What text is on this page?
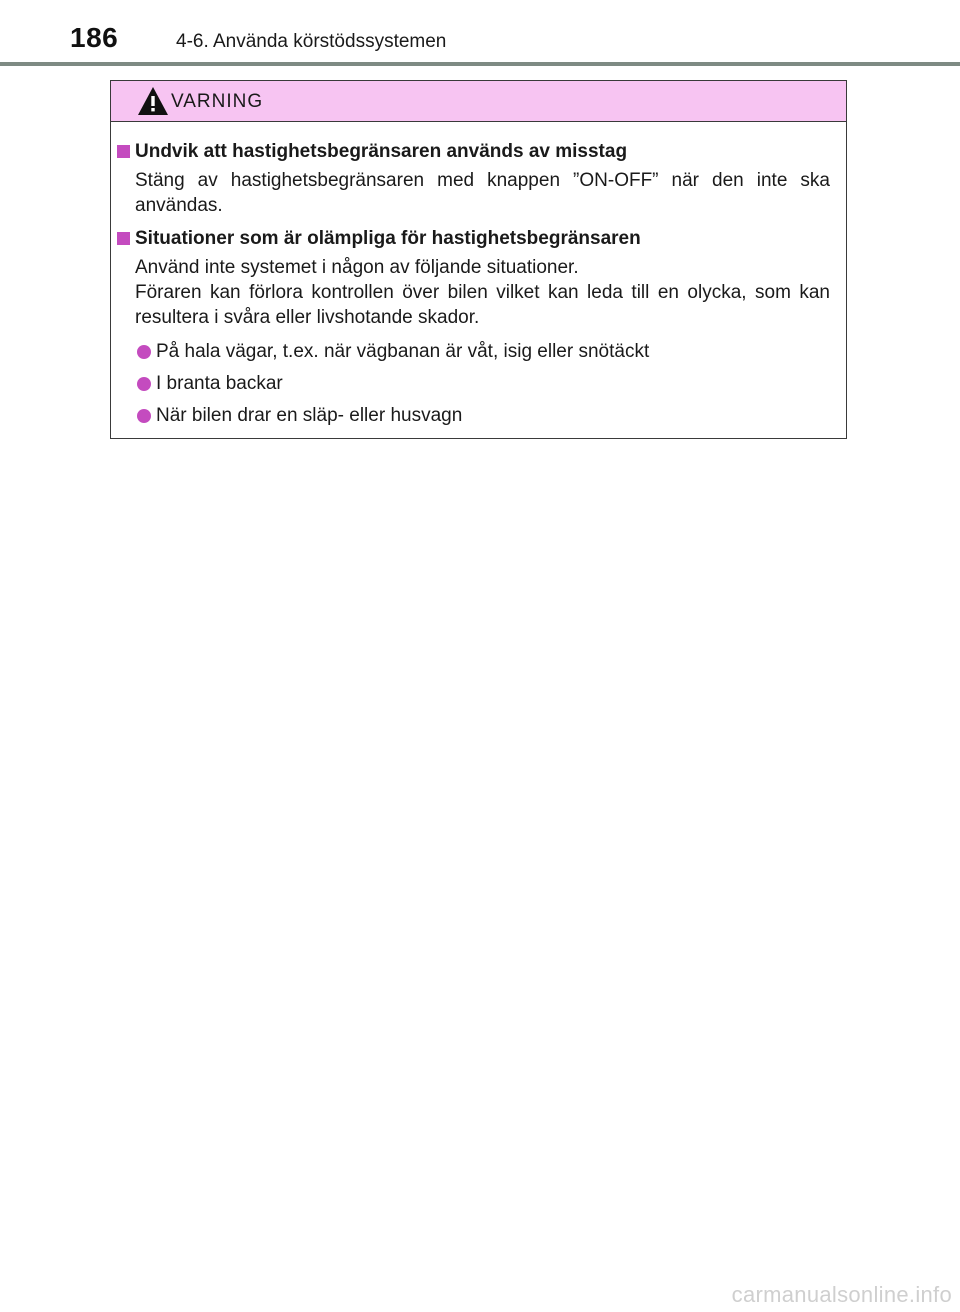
186	4-6. Använda körstödssystemen
VARNING
Undvik att hastighetsbegränsaren används av misstag
Stäng av hastighetsbegränsaren med knappen ”ON-OFF” när den inte ska användas.
Situationer som är olämpliga för hastighetsbegränsaren
Använd inte systemet i någon av följande situationer.
Föraren kan förlora kontrollen över bilen vilket kan leda till en olycka, som kan resultera i svåra eller livshotande skador.
På hala vägar, t.ex. när vägbanan är våt, isig eller snötäckt
I branta backar
När bilen drar en släp- eller husvagn
carmanualsonline.info
